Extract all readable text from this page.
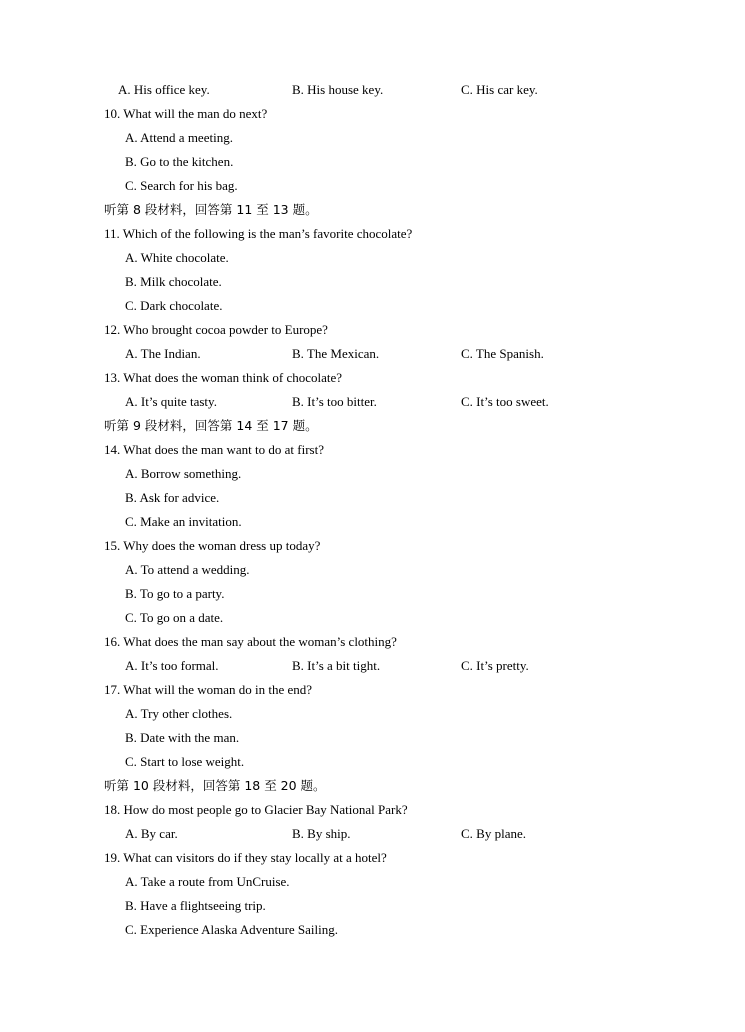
A. His office key.	B. His house key.	C. His car key.
10. What will the man do next?
A. Attend a meeting.
B. Go to the kitchen.
C. Search for his bag.
听第 8 段材料，回答第 11 至 13 题。
11. Which of the following is the man’s favorite chocolate?
A. White chocolate.
B. Milk chocolate.
C. Dark chocolate.
12. Who brought cocoa powder to Europe?
A. The Indian.	B. The Mexican.	C. The Spanish.
13. What does the woman think of chocolate?
A. It’s quite tasty.	B. It’s too bitter.	C. It’s too sweet.
听第 9 段材料，回答第 14 至 17 题。
14. What does the man want to do at first?
A. Borrow something.
B. Ask for advice.
C. Make an invitation.
15. Why does the woman dress up today?
A. To attend a wedding.
B. To go to a party.
C. To go on a date.
16. What does the man say about the woman’s clothing?
A. It’s too formal.	B. It’s a bit tight.	C. It’s pretty.
17. What will the woman do in the end?
A. Try other clothes.
B. Date with the man.
C. Start to lose weight.
听第 10 段材料，回答第 18 至 20 题。
18. How do most people go to Glacier Bay National Park?
A. By car.	B. By ship.	C. By plane.
19. What can visitors do if they stay locally at a hotel?
A. Take a route from UnCruise.
B. Have a flightseeing trip.
C. Experience Alaska Adventure Sailing.
